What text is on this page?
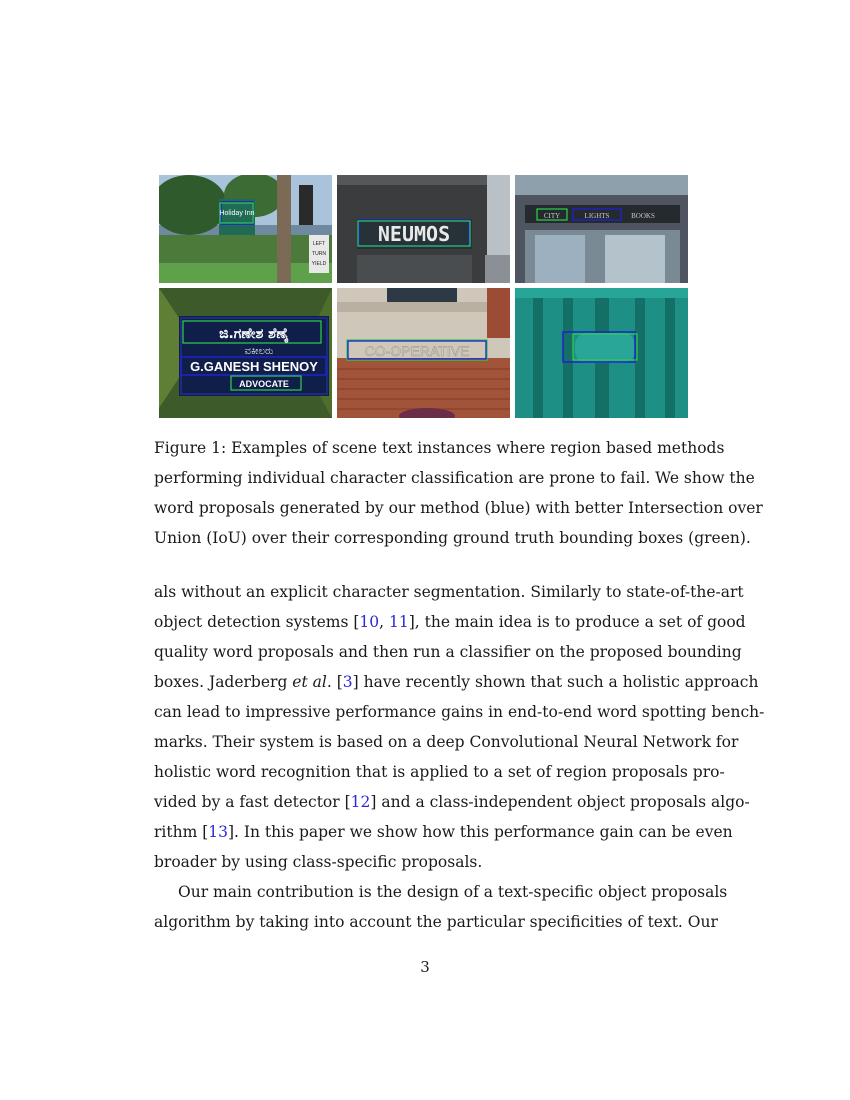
Holiday Inn
LEFT
TURN
YIELD
NEUMOS
CITY	LIGHTS	BOOKS
ಜಿ.ಗಣೇಶ ಶೆಣೈ
ವಕೀಲರು
G.GANESH SHENOY
ADVOCATE
CO-OPERATIVE
Figure 1: Examples of scene text instances where region based methods
performing individual character classification are prone to fail. We show the
word proposals generated by our method (blue) with better Intersection over
Union (IoU) over their corresponding ground truth bounding boxes (green).
als without an explicit character segmentation. Similarly to state-of-the-art
object detection systems [10, 11], the main idea is to produce a set of good
quality word proposals and then run a classifier on the proposed bounding
boxes. Jaderberg et al. [3] have recently shown that such a holistic approach
can lead to impressive performance gains in end-to-end word spotting bench-
marks. Their system is based on a deep Convolutional Neural Network for
holistic word recognition that is applied to a set of region proposals pro-
vided by a fast detector [12] and a class-independent object proposals algo-
rithm [13]. In this paper we show how this performance gain can be even
broader by using class-specific proposals.
Our main contribution is the design of a text-specific object proposals
algorithm by taking into account the particular specificities of text. Our
3
